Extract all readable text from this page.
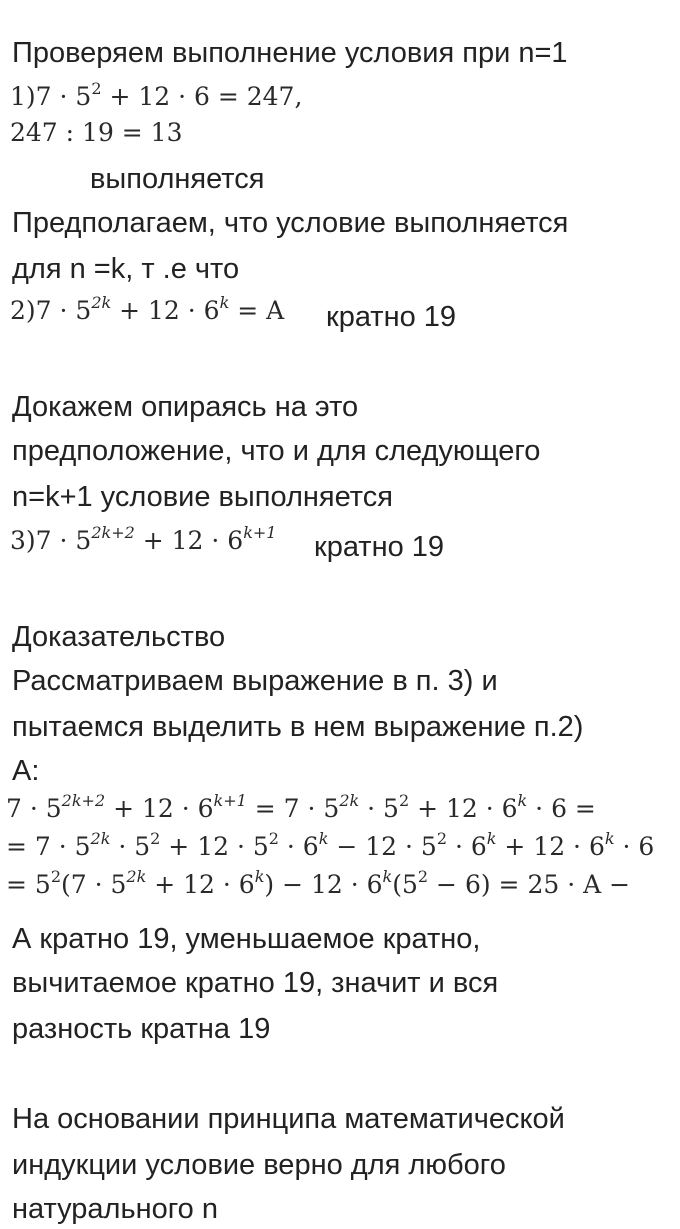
Проверяем выполнение условия при n=1
$1)7 \cdot 5^2 + 12 \cdot 6 = 247$,
247 : 19 = 13
выполняется
Предполагаем, что условие выполняется
для n =k, т .е что
$2)7 \cdot 5^{2k} + 12 \cdot 6^k = A$ кратно 19
Докажем опираясь на это
предположение, что и для следующего
n=k+1 условие выполняется
$3)7 \cdot 5^{2k+2} + 12 \cdot 6^{k+1}$ кратно 19
Доказательство
Рассматриваем выражение в п. 3) и
пытаемся выделить в нем выражение п.2)
А:
$7 \cdot 5^{2k+2} + 12 \cdot 6^{k+1} = 7 \cdot 5^{2k} \cdot 5^2 + 12 \cdot 6^k \cdot 6$ =
= $7 \cdot 5^{2k} \cdot 5^2 + 12 \cdot 5^2 \cdot 6^k - 12 \cdot 5^2 \cdot 6^k + 12 \cdot 6^k \cdot 6$
= $5^2(7 \cdot 5^{2k} + 12 \cdot 6^k) - 12 \cdot 6^k(5^2 - 6) = 25 \cdot A$ −
А кратно 19, уменьшаемое кратно,
вычитаемое кратно 19, значит и вся
разность кратна 19
На основании принципа математической
индукции условие верно для любого
натурального n
